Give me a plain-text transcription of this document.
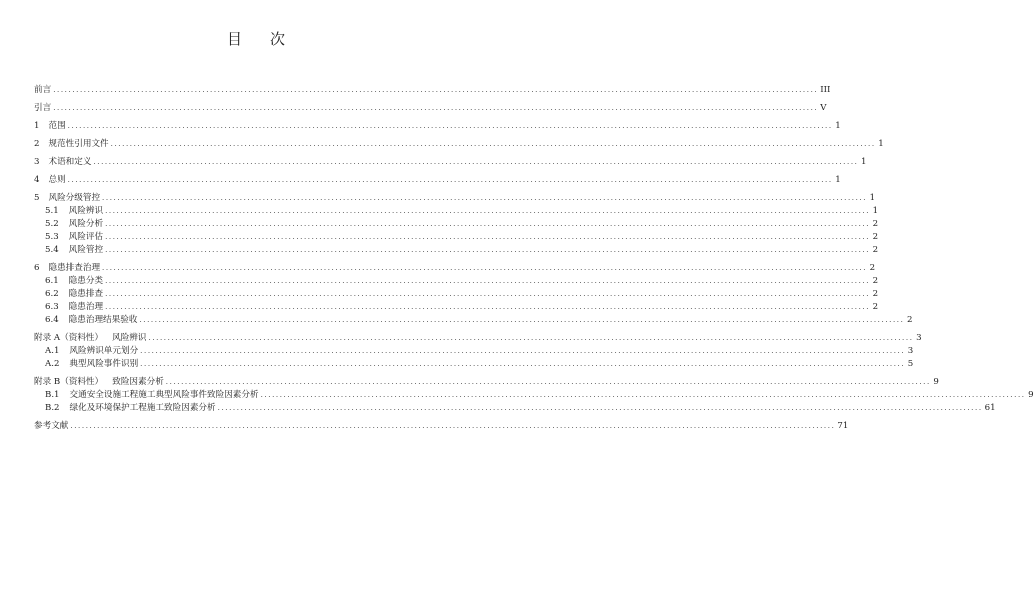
目 次
前言 ........................................................................................................................................................................................................ III
引言 ........................................................................................................................................................................................................ V
1 范围 ........................................................................................................................................................................................................ 1
2 规范性引用文件 ........................................................................................................................................................................................................ 1
3 术语和定义 ........................................................................................................................................................................................................ 1
4 总则 ........................................................................................................................................................................................................ 1
5 风险分级管控 ........................................................................................................................................................................................................ 1
5.1 风险辨识 ........................................................................................................................................................................................................ 1
5.2 风险分析 ........................................................................................................................................................................................................ 2
5.3 风险评估 ........................................................................................................................................................................................................ 2
5.4 风险管控 ........................................................................................................................................................................................................ 2
6 隐患排查治理 ........................................................................................................................................................................................................ 2
6.1 隐患分类 ........................................................................................................................................................................................................ 2
6.2 隐患排查 ........................................................................................................................................................................................................ 2
6.3 隐患治理 ........................................................................................................................................................................................................ 2
6.4 隐患治理结果验收 ........................................................................................................................................................................................................ 2
附录 A（资料性） 风险辨识 ........................................................................................................................................................................................................ 3
A.1 风险辨识单元划分 ........................................................................................................................................................................................................ 3
A.2 典型风险事件识别 ........................................................................................................................................................................................................ 5
附录 B（资料性） 致险因素分析 ........................................................................................................................................................................................................ 9
B.1 交通安全设施工程施工典型风险事件致险因素分析 ........................................................................................................................................................................................................ 9
B.2 绿化及环境保护工程施工致险因素分析 ........................................................................................................................................................................................................ 61
参考文献 ........................................................................................................................................................................................................ 71
